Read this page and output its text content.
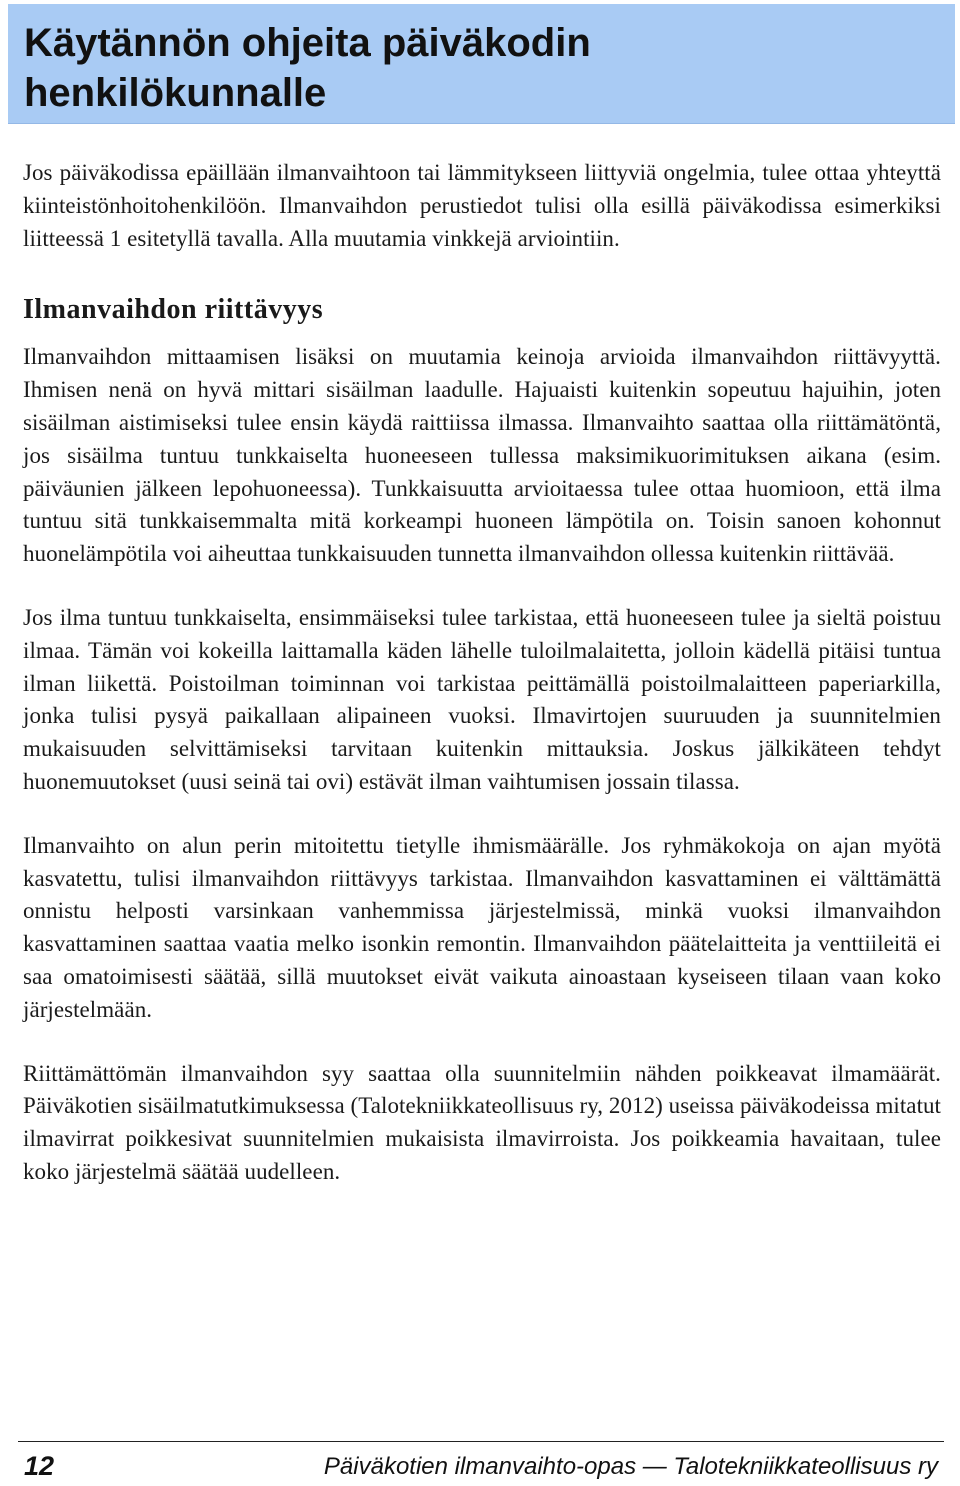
Käytännön ohjeita päiväkodin
henkilökunnalle

Jos päiväkodissa epäillään ilmanvaihtoon tai lämmitykseen liittyviä ongelmia, tulee ottaa yhteyttä kiinteistönhoitohenkilöön. Ilmanvaihdon perustiedot tulisi olla esillä päiväkodissa esimerkiksi liitteessä 1 esitetyllä tavalla. Alla muutamia vinkkejä arviointiin.

Ilmanvaihdon riittävyys

Ilmanvaihdon mittaamisen lisäksi on muutamia keinoja arvioida ilmanvaihdon riittävyyttä. Ihmisen nenä on hyvä mittari sisäilman laadulle. Hajuaisti kuitenkin sopeutuu hajuihin, joten sisäilman aistimiseksi tulee ensin käydä raittiissa ilmassa. Ilmanvaihto saattaa olla riittämätöntä, jos sisäilma tuntuu tunkkaiselta huoneeseen tullessa maksimikuorimituksen aikana (esim. päiväunien jälkeen lepohuoneessa). Tunkkaisuutta arvioitaessa tulee ottaa huomioon, että ilma tuntuu sitä tunkkaisemmalta mitä korkeampi huoneen lämpötila on. Toisin sanoen kohonnut huonelämpötila voi aiheuttaa tunkkaisuuden tunnetta ilmanvaihdon ollessa kuitenkin riittävää.

Jos ilma tuntuu tunkkaiselta, ensimmäiseksi tulee tarkistaa, että huoneeseen tulee ja sieltä poistuu ilmaa. Tämän voi kokeilla laittamalla käden lähelle tuloilmalaitetta, jolloin kädellä pitäisi tuntua ilman liikettä. Poistoilman toiminnan voi tarkistaa peittämällä poistoilmalaitteen paperiarkilla, jonka tulisi pysyä paikallaan alipaineen vuoksi. Ilmavirtojen suuruuden ja suunnitelmien mukaisuuden selvittämiseksi tarvitaan kuitenkin mittauksia. Joskus jälkikäteen tehdyt huonemuutokset (uusi seinä tai ovi) estävät ilman vaihtumisen jossain tilassa.

Ilmanvaihto on alun perin mitoitettu tietylle ihmismäärälle. Jos ryhmäkokoja on ajan myötä kasvatettu, tulisi ilmanvaihdon riittävyys tarkistaa. Ilmanvaihdon kasvattaminen ei välttämättä onnistu helposti varsinkaan vanhemmissa järjestelmissä, minkä vuoksi ilmanvaihdon kasvattaminen saattaa vaatia melko isonkin remontin. Ilmanvaihdon päätelaitteita ja venttiileitä ei saa omatoimisesti säätää, sillä muutokset eivät vaikuta ainoastaan kyseiseen tilaan vaan koko järjestelmään.

Riittämättömän ilmanvaihdon syy saattaa olla suunnitelmiin nähden poikkeavat ilmamäärät. Päiväkotien sisäilmatutkimuksessa (Talotekniikkateollisuus ry, 2012) useissa päiväkodeissa mitatut ilmavirrat poikkesivat suunnitelmien mukaisista ilmavirroista. Jos poikkeamia havaitaan, tulee koko järjestelmä säätää uudelleen.

12	Päiväkotien ilmanvaihto-opas — Talotekniikkateollisuus ry
